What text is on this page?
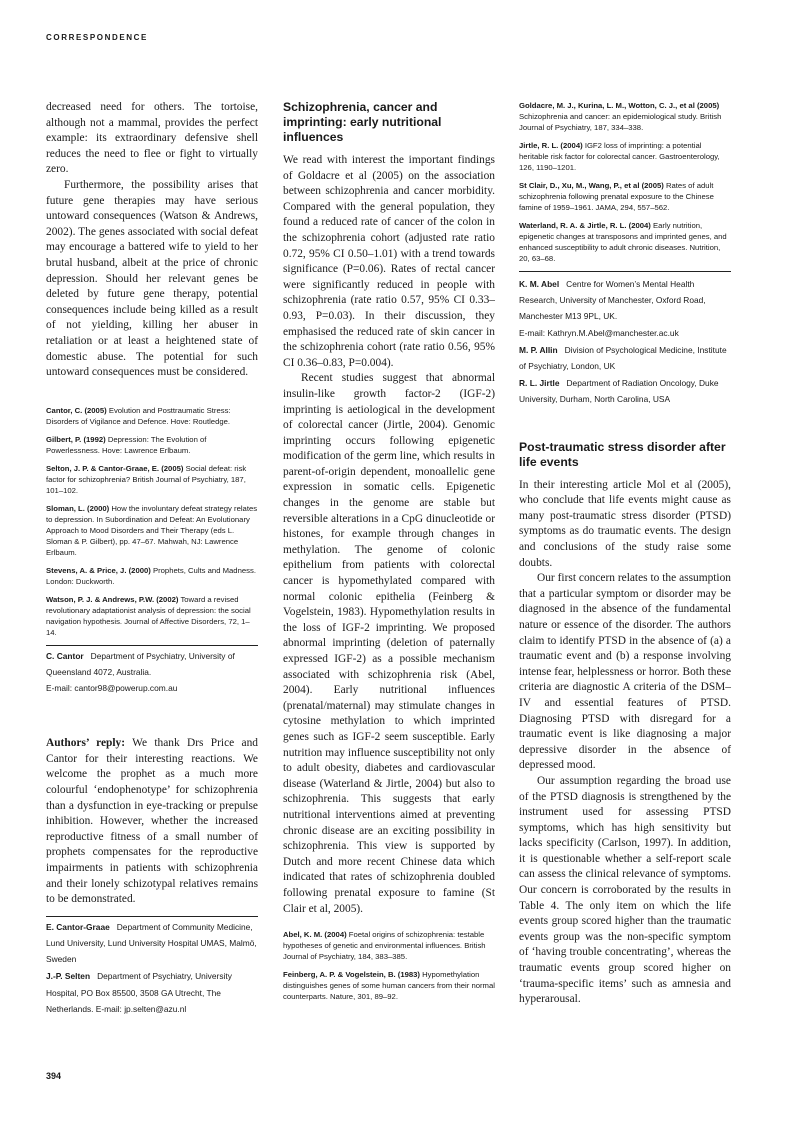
CORRESPONDENCE

decreased need for others. The tortoise, although not a mammal, provides the perfect example: its extraordinary defensive shell reduces the need to flee or fight to virtually zero.

Furthermore, the possibility arises that future gene therapies may have serious untoward consequences (Watson & Andrews, 2002). The genes associated with social defeat may encourage a battered wife to yield to her brutal husband, albeit at the price of chronic depression. Should her relevant genes be deleted by future gene therapy, potential consequences include being killed as a result of not yielding, killing her abuser in retaliation or at least a heightened state of domestic abuse. The potential for such untoward consequences must be considered.

Cantor, C. (2005) Evolution and Posttraumatic Stress: Disorders of Vigilance and Defence. Hove: Routledge.

Gilbert, P. (1992) Depression: The Evolution of Powerlessness. Hove: Lawrence Erlbaum.

Selton, J. P. & Cantor-Graae, E. (2005) Social defeat: risk factor for schizophrenia? British Journal of Psychiatry, 187, 101–102.

Sloman, L. (2000) How the involuntary defeat strategy relates to depression. In Subordination and Defeat: An Evolutionary Approach to Mood Disorders and Their Therapy (eds L. Sloman & P. Gilbert), pp. 47–67. Mahwah, NJ: Lawrence Erlbaum.

Stevens, A. & Price, J. (2000) Prophets, Cults and Madness. London: Duckworth.

Watson, P. J. & Andrews, P.W. (2002) Toward a revised revolutionary adaptationist analysis of depression: the social navigation hypothesis. Journal of Affective Disorders, 72, 1–14.

C. Cantor Department of Psychiatry, University of Queensland 4072, Australia.

E-mail: cantor98@powerup.com.au

Authors’ reply: We thank Drs Price and Cantor for their interesting reactions. We welcome the prophet as a much more colourful ‘endophenotype’ for schizophrenia than a dysfunction in eye-tracking or prepulse inhibition. However, whether the increased reproductive fitness of a small number of prophets compensates for the reproductive impairments in patients with schizophrenia and their lonely schizotypal relatives remains to be demonstrated.

E. Cantor-Graae Department of Community Medicine, Lund University, Lund University Hospital UMAS, Malmö, Sweden

J.-P. Selten Department of Psychiatry, University Hospital, PO Box 85500, 3508 GA Utrecht, The Netherlands. E-mail: jp.selten@azu.nl

Schizophrenia, cancer and imprinting: early nutritional influences

We read with interest the important findings of Goldacre et al (2005) on the association between schizophrenia and cancer morbidity. Compared with the general population, they found a reduced rate of cancer of the colon in the schizophrenia cohort (adjusted rate ratio 0.72, 95% CI 0.50–1.01) with a trend towards significance (P=0.06). Rates of rectal cancer were significantly reduced in people with schizophrenia (rate ratio 0.57, 95% CI 0.33–0.93, P=0.03). In their discussion, they emphasised the reduced rate of skin cancer in the schizophrenia cohort (rate ratio 0.56, 95% CI 0.36–0.83, P=0.004).

Recent studies suggest that abnormal insulin-like growth factor-2 (IGF-2) imprinting is aetiological in the development of colorectal cancer (Jirtle, 2004). Genomic imprinting occurs following epigenetic modification of the germ line, which results in parent-of-origin dependent, monoallelic gene expression in somatic cells. Epigenetic changes in the genome are stable but reversible alterations in a CpG dinucleotide or histones, for example through changes in methylation. The genome of colonic epithelium from patients with colorectal cancer is hypomethylated compared with normal colonic epithelia (Feinberg & Vogelstein, 1983). Hypomethylation results in the loss of IGF-2 imprinting. We proposed abnormal imprinting (deletion of paternally expressed IGF-2) as a possible mechanism associated with schizophrenia risk (Abel, 2004). Early nutritional influences (prenatal/maternal) may stimulate changes in cytosine methylation to which imprinted genes such as IGF-2 seem susceptible. Early nutrition may influence susceptibility not only to adult obesity, diabetes and cardiovascular disease (Waterland & Jirtle, 2004) but also to schizophrenia. This suggests that early nutritional interventions aimed at preventing chronic disease are an exciting possibility in schizophrenia. This view is supported by Dutch and more recent Chinese data which indicated that rates of schizophrenia doubled following prenatal exposure to famine (St Clair et al, 2005).

Abel, K. M. (2004) Foetal origins of schizophrenia: testable hypotheses of genetic and environmental influences. British Journal of Psychiatry, 184, 383–385.

Feinberg, A. P. & Vogelstein, B. (1983) Hypomethylation distinguishes genes of some human cancers from their normal counterparts. Nature, 301, 89–92.

Goldacre, M. J., Kurina, L. M., Wotton, C. J., et al (2005) Schizophrenia and cancer: an epidemiological study. British Journal of Psychiatry, 187, 334–338.

Jirtle, R. L. (2004) IGF2 loss of imprinting: a potential heritable risk factor for colorectal cancer. Gastroenterology, 126, 1190–1201.

St Clair, D., Xu, M., Wang, P., et al (2005) Rates of adult schizophrenia following prenatal exposure to the Chinese famine of 1959–1961. JAMA, 294, 557–562.

Waterland, R. A. & Jirtle, R. L. (2004) Early nutrition, epigenetic changes at transposons and imprinted genes, and enhanced susceptibility to adult chronic diseases. Nutrition, 20, 63–68.

K. M. Abel Centre for Women’s Mental Health Research, University of Manchester, Oxford Road, Manchester M13 9PL, UK.

E-mail: Kathryn.M.Abel@manchester.ac.uk

M. P. Allin Division of Psychological Medicine, Institute of Psychiatry, London, UK

R. L. Jirtle Department of Radiation Oncology, Duke University, Durham, North Carolina, USA

Post-traumatic stress disorder after life events

In their interesting article Mol et al (2005), who conclude that life events might cause as many post-traumatic stress disorder (PTSD) symptoms as do traumatic events. The design and conclusions of the study raise some doubts.

Our first concern relates to the assumption that a particular symptom or disorder may be diagnosed in the absence of the fundamental nature or essence of the disorder. The authors claim to identify PTSD in the absence of (a) a traumatic event and (b) a response involving intense fear, helplessness or horror. Both these criteria are diagnostic A criteria of the DSM–IV and essential features of PTSD. Diagnosing PTSD with disregard for a traumatic event is like diagnosing a major depressive disorder in the absence of depressed mood.

Our assumption regarding the broad use of the PTSD diagnosis is strengthened by the instrument used for assessing PTSD symptoms, which has high sensitivity but lacks specificity (Carlson, 1997). In addition, it is questionable whether a self-report scale can assess the clinical relevance of symptoms. Our concern is corroborated by the results in Table 4. The only item on which the life events group scored higher than the traumatic events group was the non-specific symptom of ‘having trouble concentrating’, whereas the traumatic events group scored higher on ‘trauma-specific items’ such as amnesia and hyperarousal.

394
